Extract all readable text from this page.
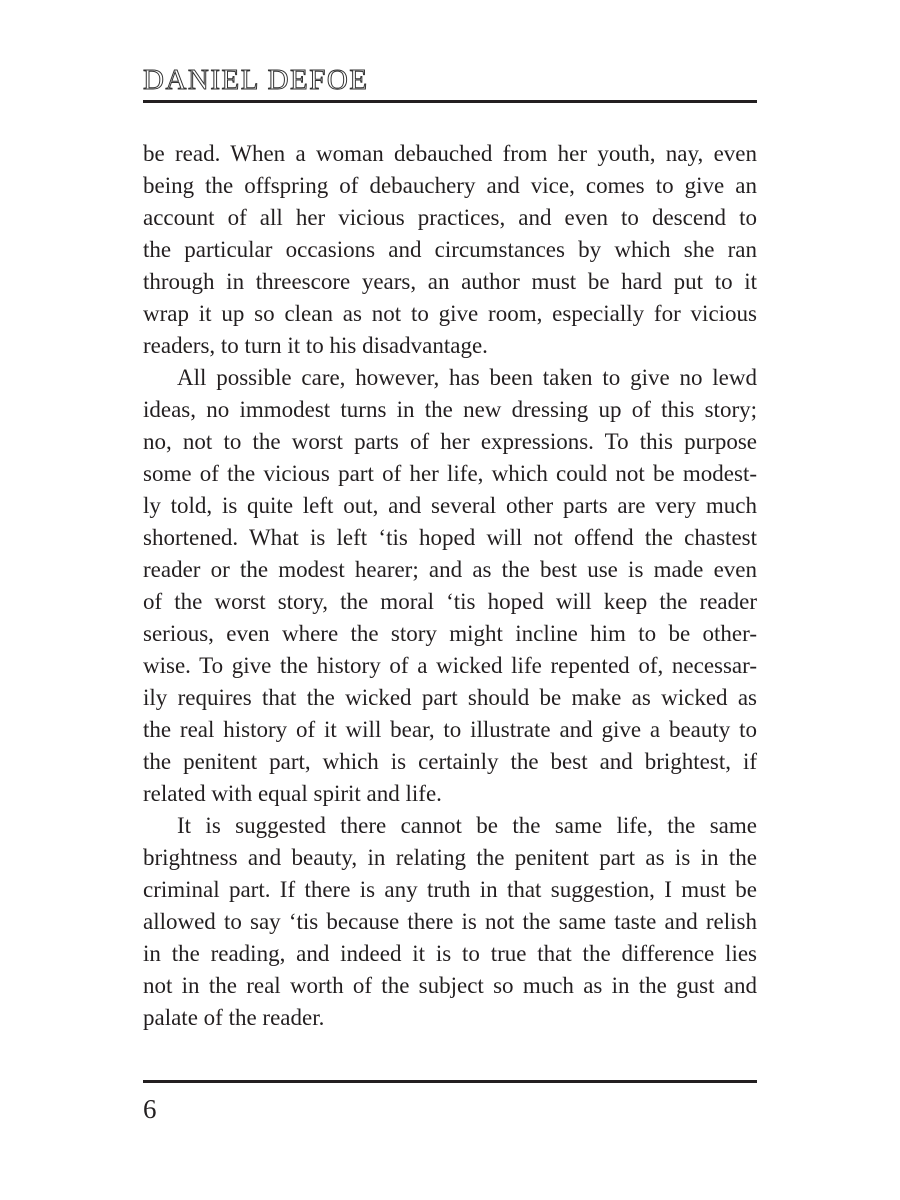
DANIEL DEFOE
be read. When a woman debauched from her youth, nay, even
being the offspring of debauchery and vice, comes to give an
account of all her vicious practices, and even to descend to
the particular occasions and circumstances by which she ran
through in threescore years, an author must be hard put to it
wrap it up so clean as not to give room, especially for vicious
readers, to turn it to his disadvantage.
All possible care, however, has been taken to give no lewd
ideas, no immodest turns in the new dressing up of this story;
no, not to the worst parts of her expressions. To this purpose
some of the vicious part of her life, which could not be modest-
ly told, is quite left out, and several other parts are very much
shortened. What is left ‘tis hoped will not offend the chastest
reader or the modest hearer; and as the best use is made even
of the worst story, the moral ‘tis hoped will keep the reader
serious, even where the story might incline him to be other-
wise. To give the history of a wicked life repented of, necessar-
ily requires that the wicked part should be make as wicked as
the real history of it will bear, to illustrate and give a beauty to
the penitent part, which is certainly the best and brightest, if
related with equal spirit and life.
It is suggested there cannot be the same life, the same
brightness and beauty, in relating the penitent part as is in the
criminal part. If there is any truth in that suggestion, I must be
allowed to say ‘tis because there is not the same taste and relish
in the reading, and indeed it is to true that the difference lies
not in the real worth of the subject so much as in the gust and
palate of the reader.
6
